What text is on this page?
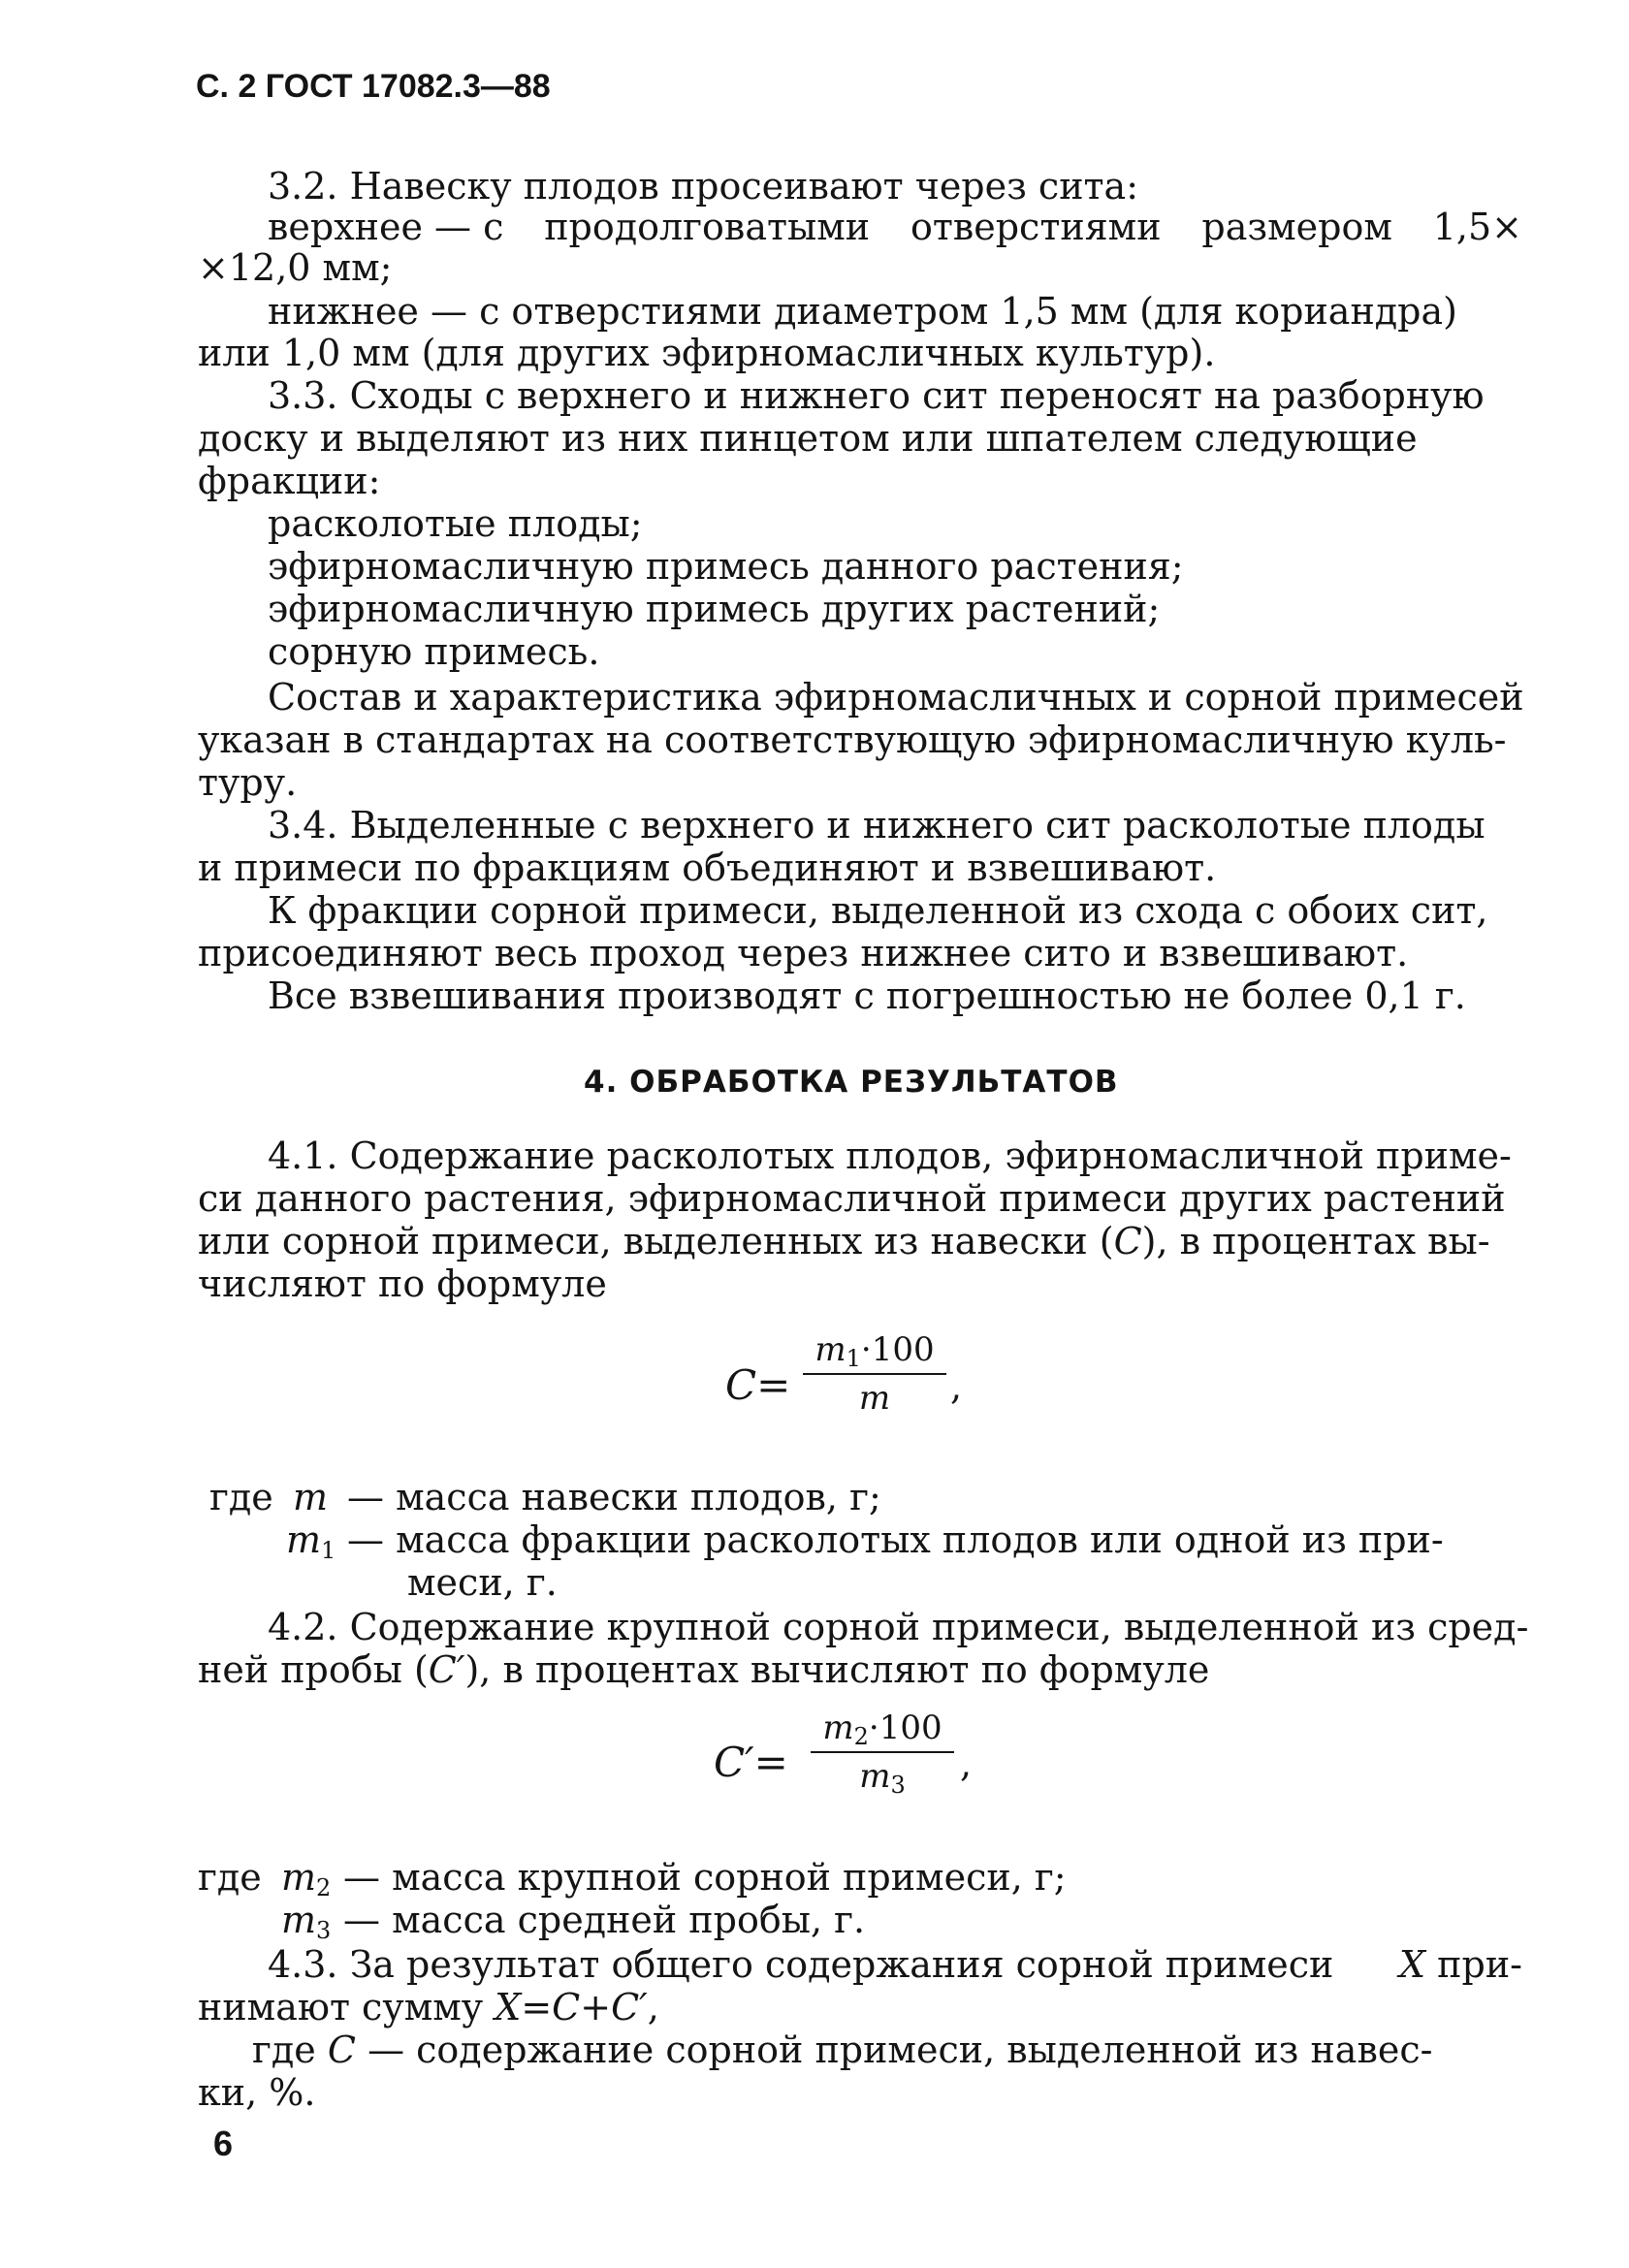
С. 2 ГОСТ 17082.3—88
3.2. Навеску плодов просеивают через сита:
верхнее — с продолговатыми отверстиями размером 1,5×
×12,0 мм;
нижнее — с отверстиями диаметром 1,5 мм (для кориандра)
или 1,0 мм (для других эфирномасличных культур).
3.3. Сходы с верхнего и нижнего сит переносят на разборную
доску и выделяют из них пинцетом или шпателем следующие
фракции:
расколотые плоды;
эфирномасличную примесь данного растения;
эфирномасличную примесь других растений;
сорную примесь.
Состав и характеристика эфирномасличных и сорной примесей
указан в стандартах на соответствующую эфирномасличную куль-
туру.
3.4. Выделенные с верхнего и нижнего сит расколотые плоды
и примеси по фракциям объединяют и взвешивают.
К фракции сорной примеси, выделенной из схода с обоих сит,
присоединяют весь проход через нижнее сито и взвешивают.
Все взвешивания производят с погрешностью не более 0,1 г.
4. ОБРАБОТКА РЕЗУЛЬТАТОВ
4.1. Содержание расколотых плодов, эфирномасличной приме-
си данного растения, эфирномасличной примеси других растений
или сорной примеси, выделенных из навески (C), в процентах вы-
числяют по формуле
C=
$m_1\cdot 100$
m	,
где m — масса навески плодов, г;
$m_1$ — масса фракции расколотых плодов или одной из при-
меси, г.
4.2. Содержание крупной сорной примеси, выделенной из сред-
ней пробы (C′), в процентах вычисляют по формуле
C′=
$m_2\cdot 100$
$m_3$	,
где $m_2$ — масса крупной сорной примеси, г;
$m_3$ — масса средней пробы, г.
4.3. За результат общего содержания сорной примеси X при-
нимают сумму X=C+C′,
где C — содержание сорной примеси, выделенной из навес-
ки, %.
6
